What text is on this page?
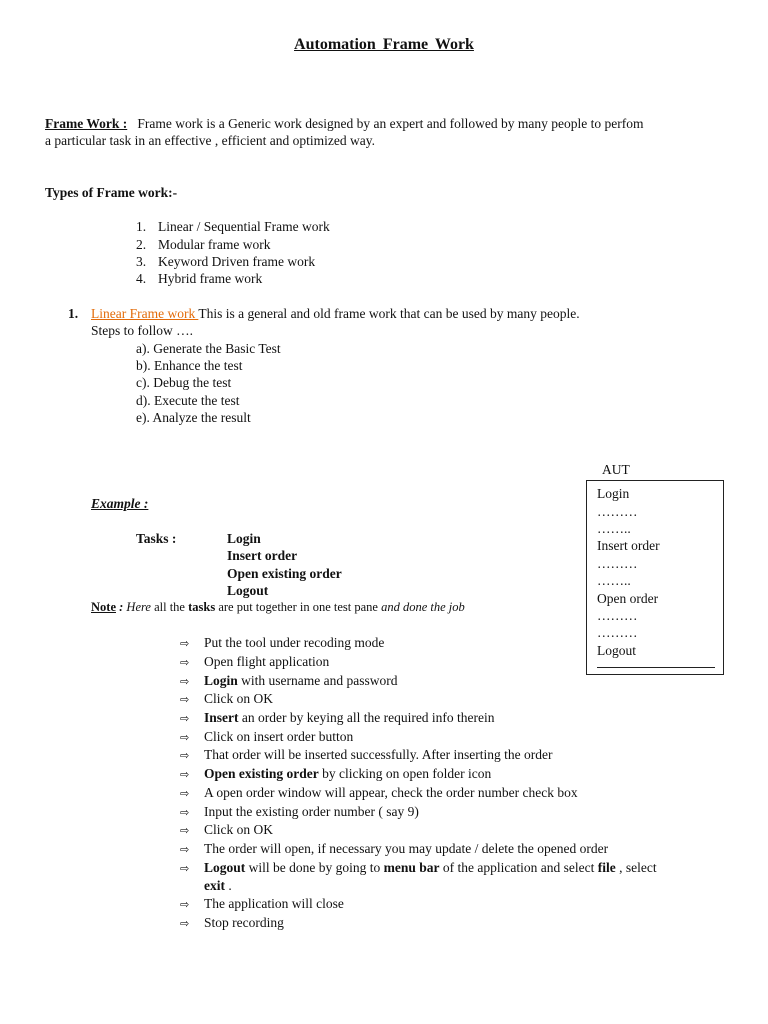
Automation Frame Work
Frame Work : Frame work is a Generic work designed by an expert and followed by many people to perfom
a particular task in an effective , efficient and optimized way.
Types of Frame work:-
1. Linear / Sequential Frame work
2. Modular frame work
3. Keyword Driven frame work
4. Hybrid frame work
1. Linear Frame work This is a general and old frame work that can be used by many people.
Steps to follow ….
a). Generate the Basic Test
b). Enhance the test
c). Debug the test
d). Execute the test
e). Analyze the result
AUT
Login
………
……..
Insert order
………
……..
Open order
………
………
Logout
Example :
Tasks :	Login
Insert order
Open existing order
Logout
Note : Here all the tasks are put together in one test pane and done the job
⇨ Put the tool under recoding mode
⇨ Open flight application
⇨ Login with username and password
⇨ Click on OK
⇨ Insert an order by keying all the required info therein
⇨ Click on insert order button
⇨ That order will be inserted successfully. After inserting the order
⇨ Open existing order by clicking on open folder icon
⇨ A open order window will appear, check the order number check box
⇨ Input the existing order number ( say 9)
⇨ Click on OK
⇨ The order will open, if necessary you may update / delete the opened order
⇨ Logout will be done by going to menu bar of the application and select file , select
exit .
⇨ The application will close
⇨ Stop recording
